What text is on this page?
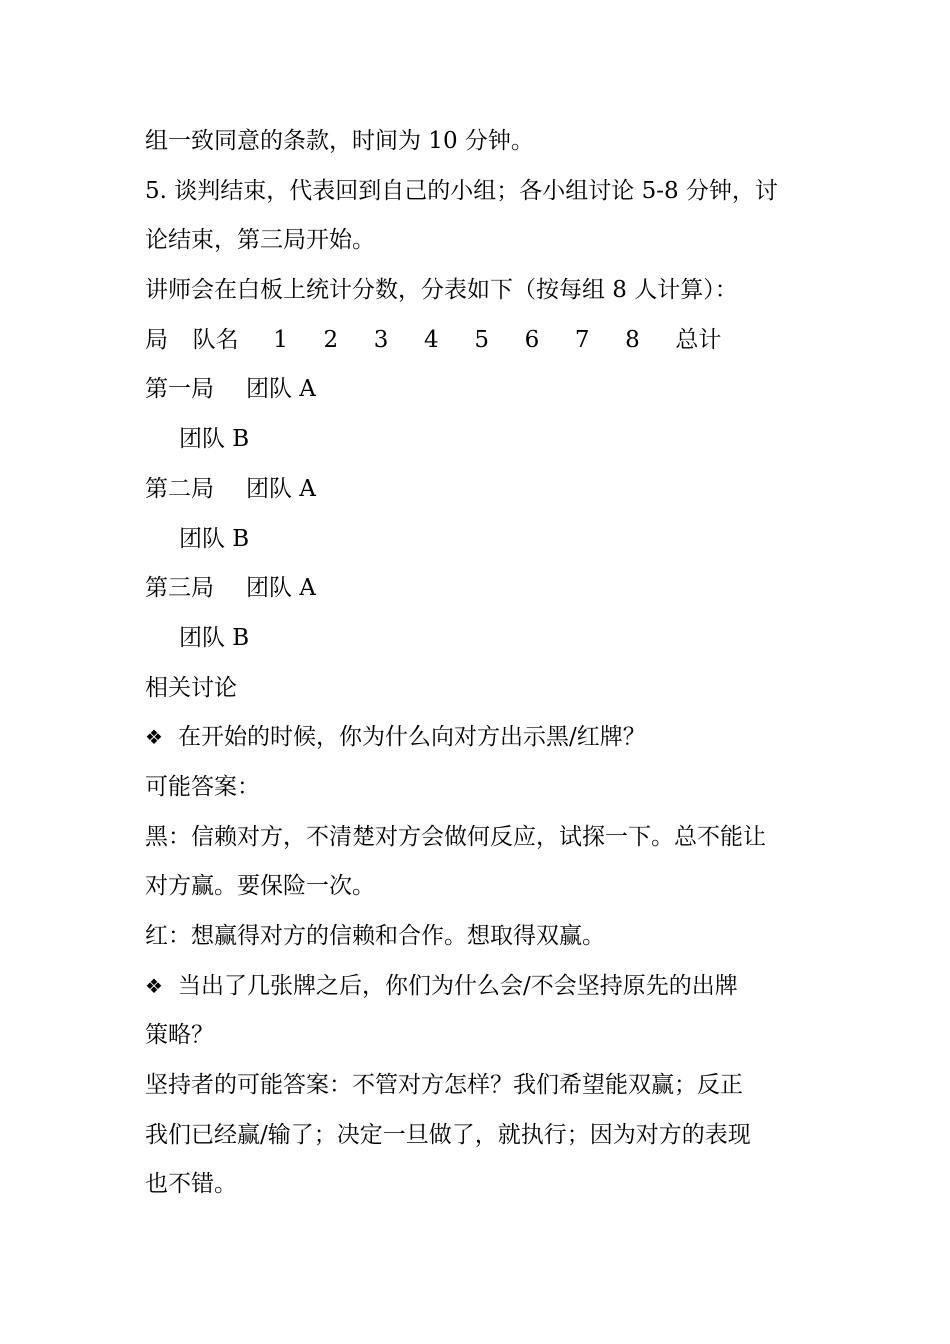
组一致同意的条款，时间为 10 分钟。
5. 谈判结束，代表回到自己的小组；各小组讨论 5-8 分钟，讨
论结束，第三局开始。
讲师会在白板上统计分数，分表如下（按每组 8 人计算）：
局 队名 1 2 3 4 5 6 7 8 总计
第一局 团队 A
团队 B
第二局 团队 A
团队 B
第三局 团队 A
团队 B
相关讨论
❖ 在开始的时候，你为什么向对方出示黑/红牌？
可能答案：
黑：信赖对方，不清楚对方会做何反应，试探一下。总不能让
对方赢。要保险一次。
红：想赢得对方的信赖和合作。想取得双赢。
❖ 当出了几张牌之后，你们为什么会/不会坚持原先的出牌
策略？
坚持者的可能答案：不管对方怎样？我们希望能双赢；反正
我们已经赢/输了；决定一旦做了，就执行；因为对方的表现
也不错。
